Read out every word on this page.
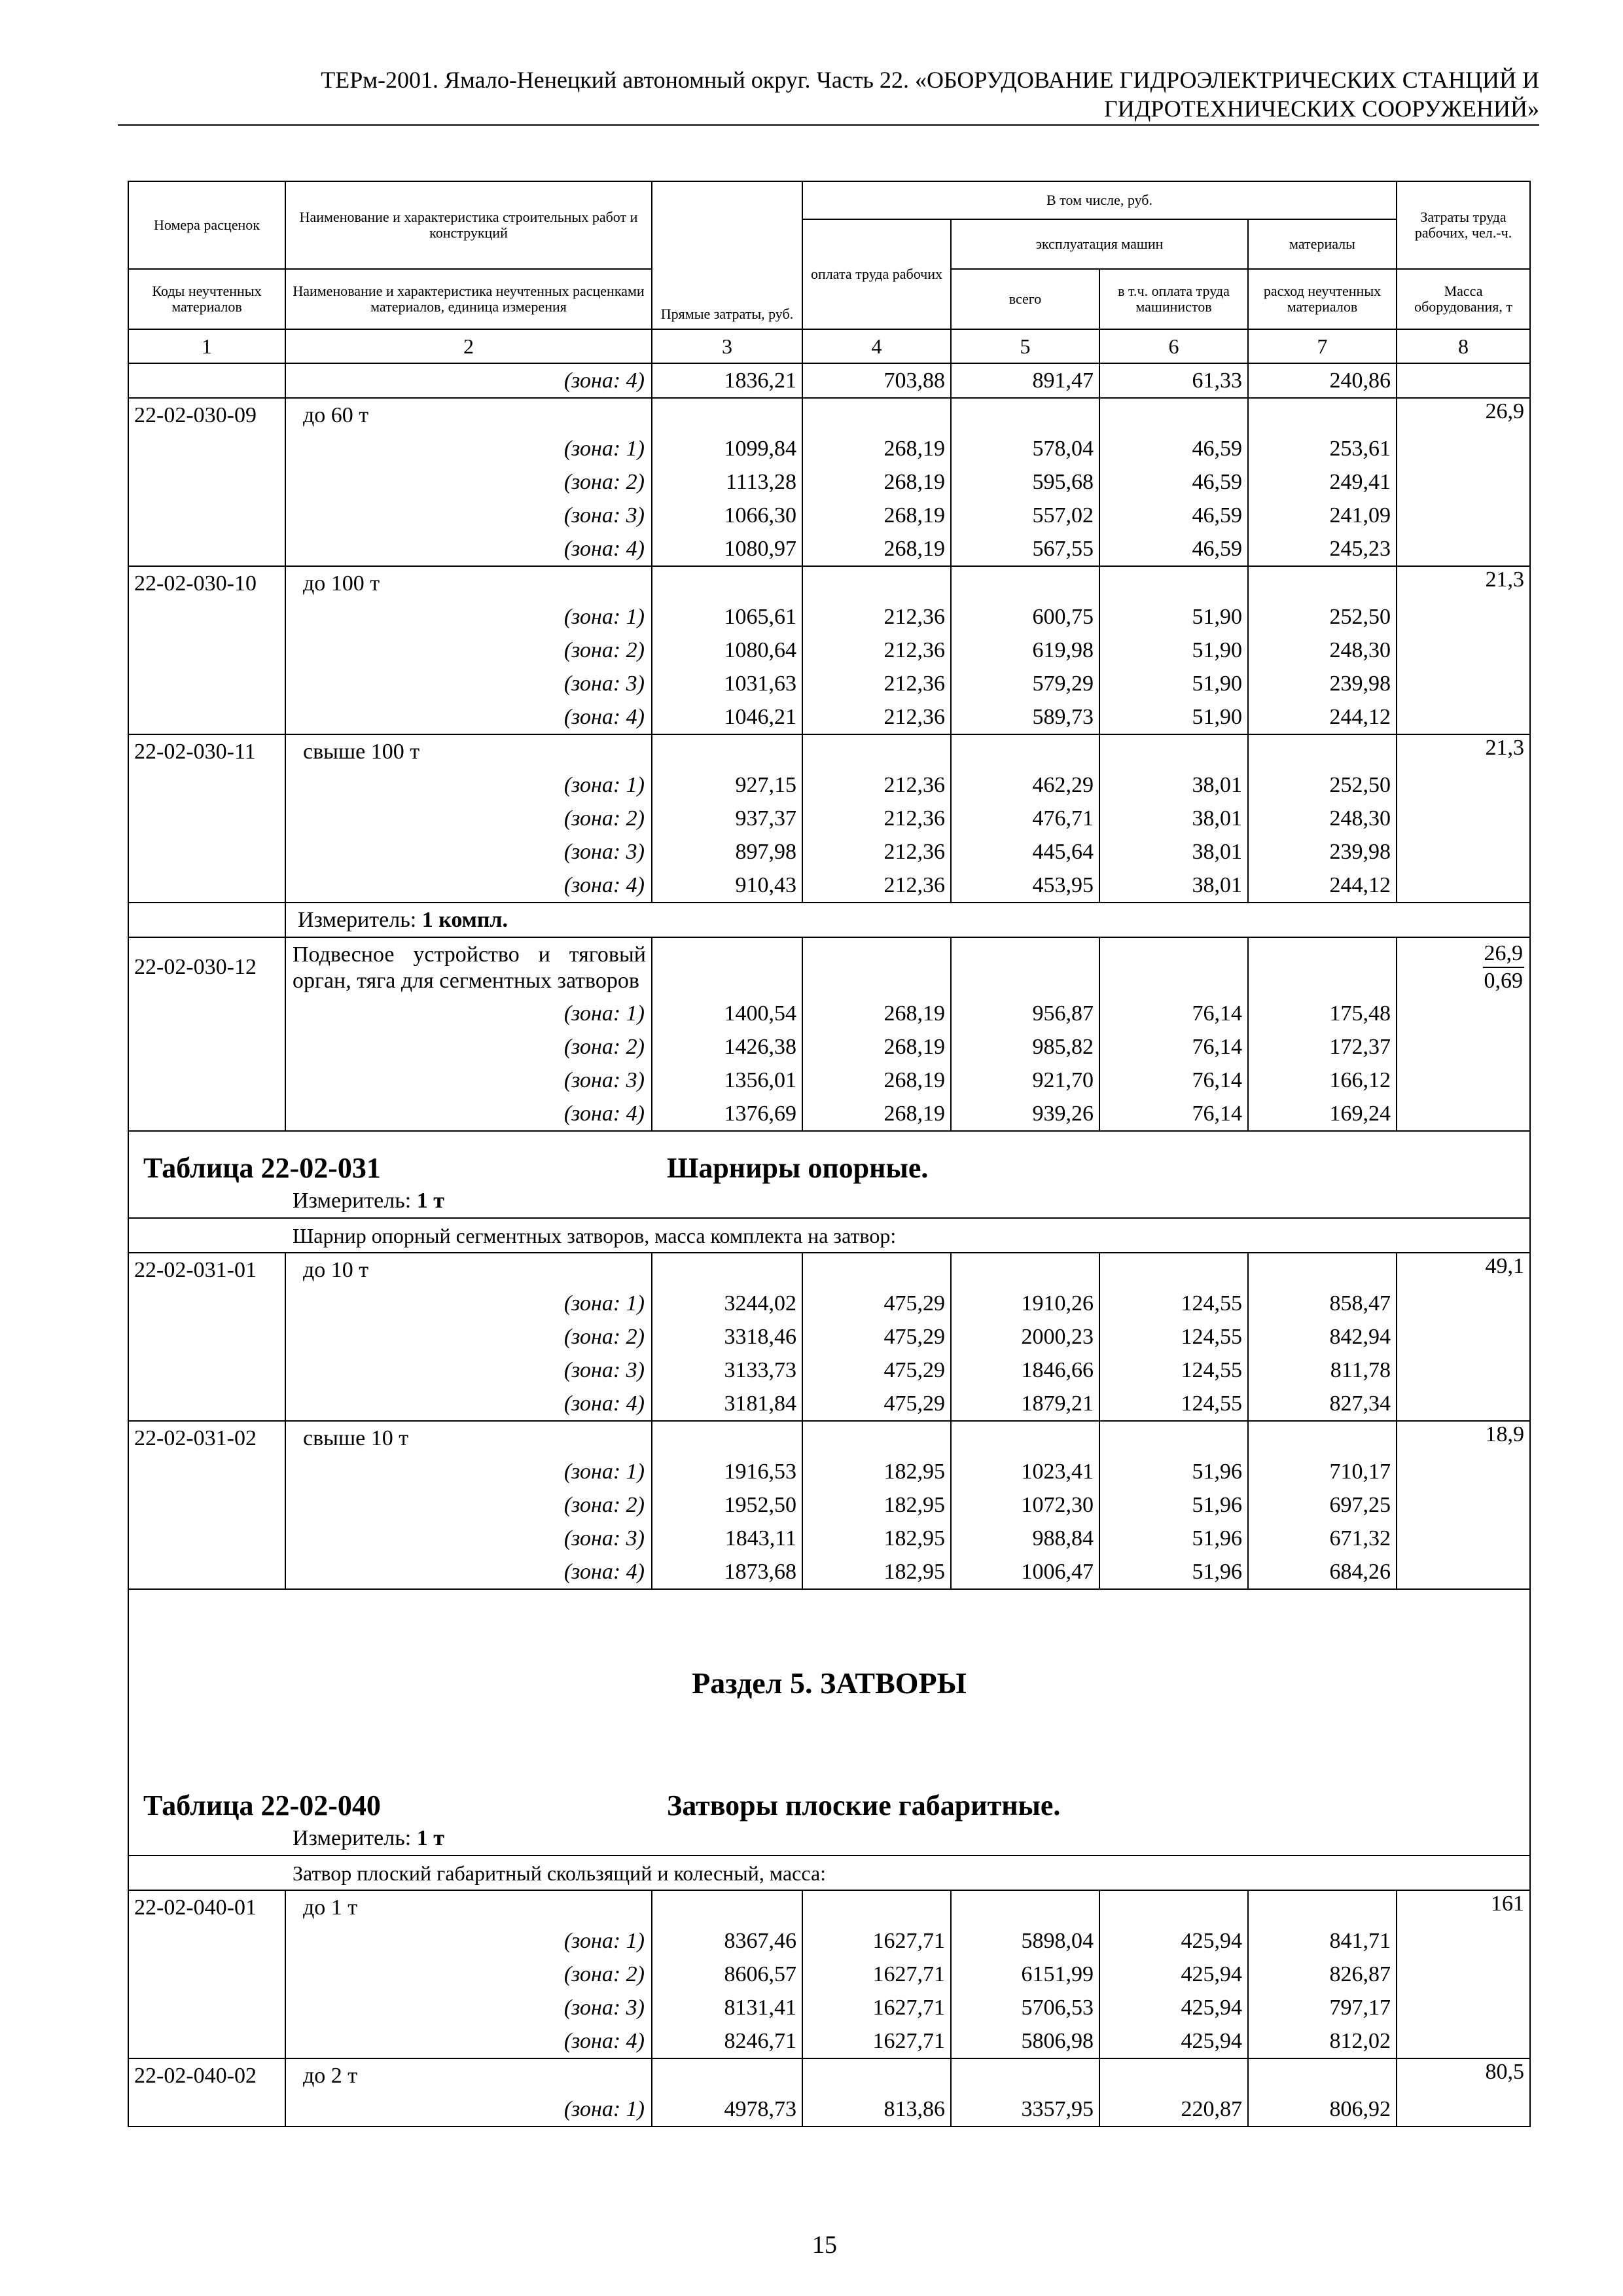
ТЕРм-2001. Ямало-Ненецкий автономный округ. Часть 22. «ОБОРУДОВАНИЕ ГИДРОЭЛЕКТРИЧЕСКИХ СТАНЦИЙ И
ГИДРОТЕХНИЧЕСКИХ СООРУЖЕНИЙ»
Номера расценок	Наименование и характеристика строительных работ и конструкций	Прямые затраты, руб.	В том числе, руб.				Затраты труда рабочих, чел.-ч.
			оплата труда рабочих	эксплуатация машин		материалы	
Коды неучтенных материалов	Наименование и характеристика неучтенных расценками материалов, единица измерения			всего	в т.ч. оплата труда машинистов	расход неучтенных материалов	Масса оборудования, т
1	2	3	4	5	6	7	8
	(зона: 4)	1836,21	703,88	891,47	61,33	240,86	
22-02-030-09	до 60 т						26,9
	(зона: 1)	1099,84	268,19	578,04	46,59	253,61	
	(зона: 2)	1113,28	268,19	595,68	46,59	249,41	
	(зона: 3)	1066,30	268,19	557,02	46,59	241,09	
	(зона: 4)	1080,97	268,19	567,55	46,59	245,23	
22-02-030-10	до 100 т						21,3
	(зона: 1)	1065,61	212,36	600,75	51,90	252,50	
	(зона: 2)	1080,64	212,36	619,98	51,90	248,30	
	(зона: 3)	1031,63	212,36	579,29	51,90	239,98	
	(зона: 4)	1046,21	212,36	589,73	51,90	244,12	
22-02-030-11	свыше 100 т						21,3
	(зона: 1)	927,15	212,36	462,29	38,01	252,50	
	(зона: 2)	937,37	212,36	476,71	38,01	248,30	
	(зона: 3)	897,98	212,36	445,64	38,01	239,98	
	(зона: 4)	910,43	212,36	453,95	38,01	244,12	
	Измеритель: 1 компл.						
22-02-030-12	Подвесное устройство и тяговый орган, тяга для сегментных затворов						$\frac{26,9}{0,69}$

	(зона: 1)	1400,54	268,19	956,87	76,14	175,48	
	(зона: 2)	1426,38	268,19	985,82	76,14	172,37	
	(зона: 3)	1356,01	268,19	921,70	76,14	166,12	
	(зона: 4)	1376,69	268,19	939,26	76,14	169,24	
Таблица 22-02-031 Шарниры опорные.							
Измеритель: 1 т							
Шарнир опорный сегментных затворов, масса комплекта на затвор:							
22-02-031-01	до 10 т						49,1
	(зона: 1)	3244,02	475,29	1910,26	124,55	858,47	
	(зона: 2)	3318,46	475,29	2000,23	124,55	842,94	
	(зона: 3)	3133,73	475,29	1846,66	124,55	811,78	
	(зона: 4)	3181,84	475,29	1879,21	124,55	827,34	
22-02-031-02	свыше 10 т						18,9
	(зона: 1)	1916,53	182,95	1023,41	51,96	710,17	
	(зона: 2)	1952,50	182,95	1072,30	51,96	697,25	
	(зона: 3)	1843,11	182,95	988,84	51,96	671,32	
	(зона: 4)	1873,68	182,95	1006,47	51,96	684,26	
Раздел 5. ЗАТВОРЫ							
Таблица 22-02-040 Затворы плоские габаритные.							
Измеритель: 1 т							
Затвор плоский габаритный скользящий и колесный, масса:							
22-02-040-01	до 1 т						161
	(зона: 1)	8367,46	1627,71	5898,04	425,94	841,71	
	(зона: 2)	8606,57	1627,71	6151,99	425,94	826,87	
	(зона: 3)	8131,41	1627,71	5706,53	425,94	797,17	
	(зона: 4)	8246,71	1627,71	5806,98	425,94	812,02	
22-02-040-02	до 2 т						80,5
	(зона: 1)	4978,73	813,86	3357,95	220,87	806,92	
15
